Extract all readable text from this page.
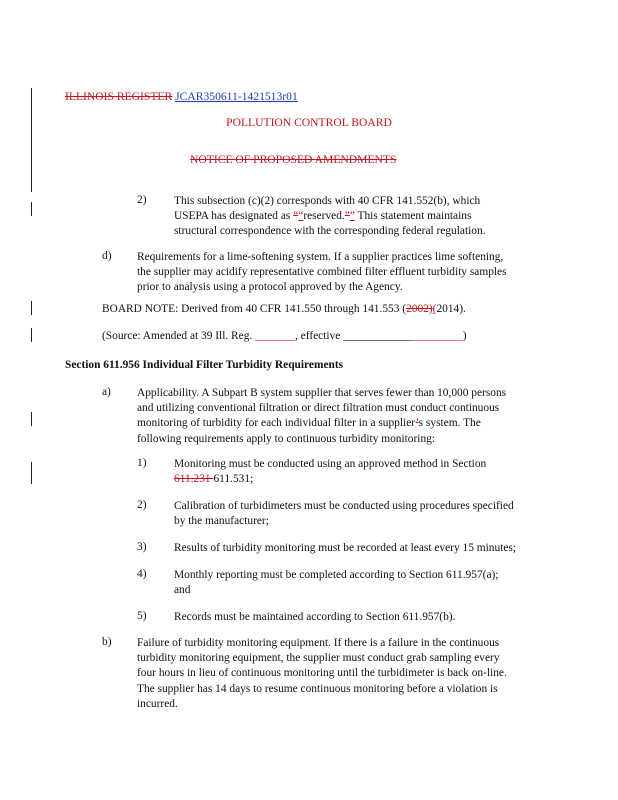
ILLINOIS REGISTER JCAR350611-1421513r01
POLLUTION CONTROL BOARD
NOTICE OF PROPOSED AMENDMENTS
2) This subsection (c)(2) corresponds with 40 CFR 141.552(b), which
USEPA has designated as ““reserved.”” This statement maintains
structural correspondence with the corresponding federal regulation.
d) Requirements for a lime-softening system. If a supplier practices lime softening,
the supplier may acidify representative combined filter effluent turbidity samples
prior to analysis using a protocol approved by the Agency.
BOARD NOTE: Derived from 40 CFR 141.550 through 141.553 (2002)(2014).
(Source: Amended at 39 Ill. Reg. _______, effective _____________________)
Section 611.956 Individual Filter Turbidity Requirements
a) Applicability. A Subpart B system supplier that serves fewer than 10,000 persons
and utilizing conventional filtration or direct filtration must conduct continuous
monitoring of turbidity for each individual filter in a supplier’s system. The
following requirements apply to continuous turbidity monitoring:
1) Monitoring must be conducted using an approved method in Section
611.231 611.531;
2) Calibration of turbidimeters must be conducted using procedures specified
by the manufacturer;
3) Results of turbidity monitoring must be recorded at least every 15 minutes;
4) Monthly reporting must be completed according to Section 611.957(a);
and
5) Records must be maintained according to Section 611.957(b).
b) Failure of turbidity monitoring equipment. If there is a failure in the continuous
turbidity monitoring equipment, the supplier must conduct grab sampling every
four hours in lieu of continuous monitoring until the turbidimeter is back on-line.
The supplier has 14 days to resume continuous monitoring before a violation is
incurred.
